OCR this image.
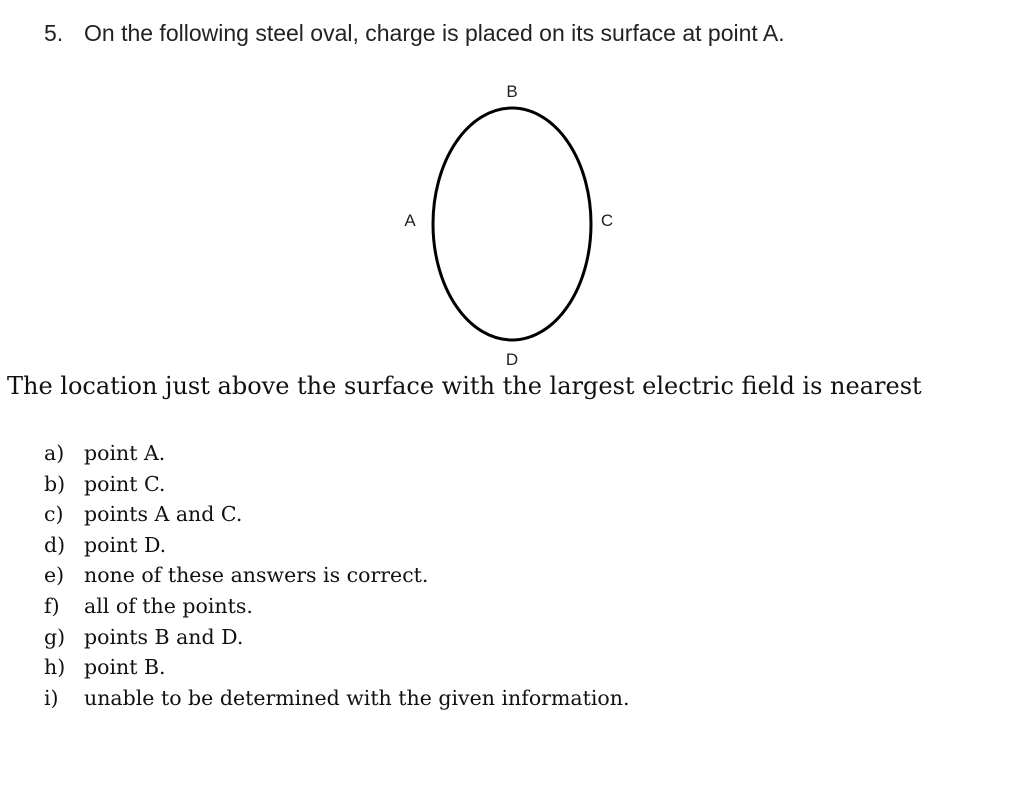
5. On the following steel oval, charge is placed on its surface at point A.
B
A	C
D
The location just above the surface with the largest electric field is nearest
a) point A.
b) point C.
c) points A and C.
d) point D.
e) none of these answers is correct.
f) all of the points.
g) points B and D.
h) point B.
i) unable to be determined with the given information.
